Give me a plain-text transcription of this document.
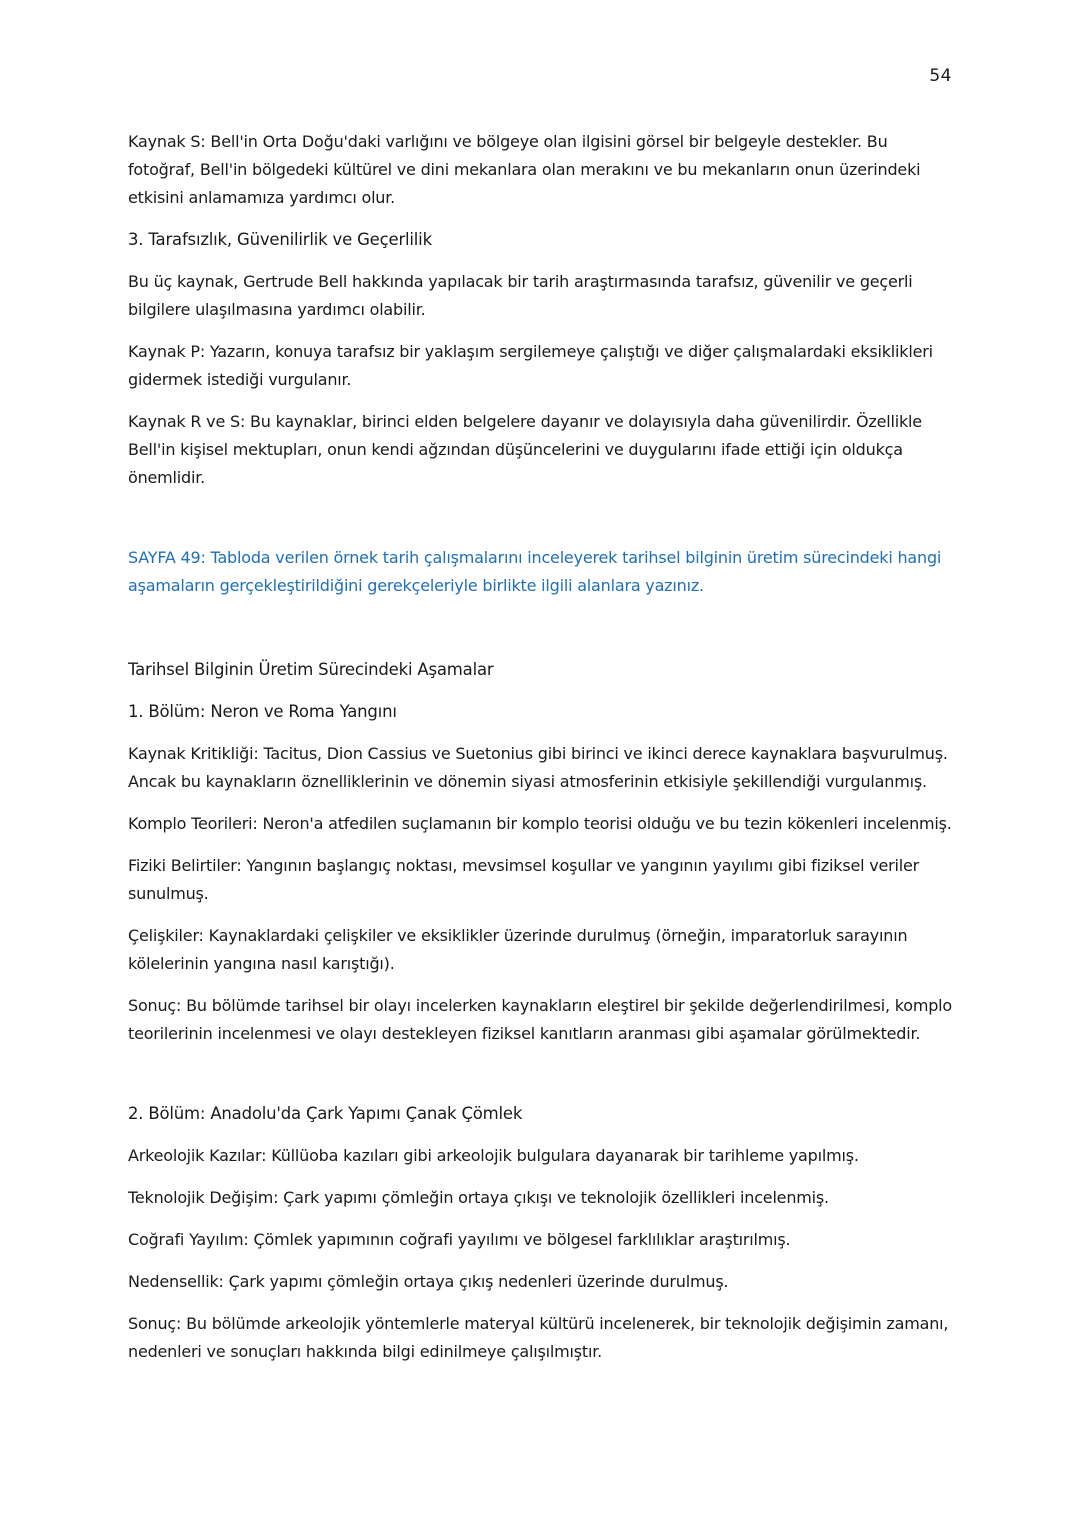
54

Kaynak S: Bell'in Orta Doğu'daki varlığını ve bölgeye olan ilgisini görsel bir belgeyle destekler. Bu fotoğraf, Bell'in bölgedeki kültürel ve dini mekanlara olan merakını ve bu mekanların onun üzerindeki etkisini anlamamıza yardımcı olur.

3. Tarafsızlık, Güvenilirlik ve Geçerlilik

Bu üç kaynak, Gertrude Bell hakkında yapılacak bir tarih araştırmasında tarafsız, güvenilir ve geçerli bilgilere ulaşılmasına yardımcı olabilir.

Kaynak P: Yazarın, konuya tarafsız bir yaklaşım sergilemeye çalıştığı ve diğer çalışmalardaki eksiklikleri gidermek istediği vurgulanır.

Kaynak R ve S: Bu kaynaklar, birinci elden belgelere dayanır ve dolayısıyla daha güvenilirdir. Özellikle Bell'in kişisel mektupları, onun kendi ağzından düşüncelerini ve duygularını ifade ettiği için oldukça önemlidir.

SAYFA 49: Tabloda verilen örnek tarih çalışmalarını inceleyerek tarihsel bilginin üretim sürecindeki hangi aşamaların gerçekleştirildiğini gerekçeleriyle birlikte ilgili alanlara yazınız.

Tarihsel Bilginin Üretim Sürecindeki Aşamalar

1. Bölüm: Neron ve Roma Yangını

Kaynak Kritikliği: Tacitus, Dion Cassius ve Suetonius gibi birinci ve ikinci derece kaynaklara başvurulmuş. Ancak bu kaynakların öznelliklerinin ve dönemin siyasi atmosferinin etkisiyle şekillendiği vurgulanmış.

Komplo Teorileri: Neron'a atfedilen suçlamanın bir komplo teorisi olduğu ve bu tezin kökenleri incelenmiş.

Fiziki Belirtiler: Yangının başlangıç noktası, mevsimsel koşullar ve yangının yayılımı gibi fiziksel veriler sunulmuş.

Çelişkiler: Kaynaklardaki çelişkiler ve eksiklikler üzerinde durulmuş (örneğin, imparatorluk sarayının kölelerinin yangına nasıl karıştığı).

Sonuç: Bu bölümde tarihsel bir olayı incelerken kaynakların eleştirel bir şekilde değerlendirilmesi, komplo teorilerinin incelenmesi ve olayı destekleyen fiziksel kanıtların aranması gibi aşamalar görülmektedir.

2. Bölüm: Anadolu'da Çark Yapımı Çanak Çömlek

Arkeolojik Kazılar: Küllüoba kazıları gibi arkeolojik bulgulara dayanarak bir tarihleme yapılmış.

Teknolojik Değişim: Çark yapımı çömleğin ortaya çıkışı ve teknolojik özellikleri incelenmiş.

Coğrafi Yayılım: Çömlek yapımının coğrafi yayılımı ve bölgesel farklılıklar araştırılmış.

Nedensellik: Çark yapımı çömleğin ortaya çıkış nedenleri üzerinde durulmuş.

Sonuç: Bu bölümde arkeolojik yöntemlerle materyal kültürü incelenerek, bir teknolojik değişimin zamanı, nedenleri ve sonuçları hakkında bilgi edinilmeye çalışılmıştır.
